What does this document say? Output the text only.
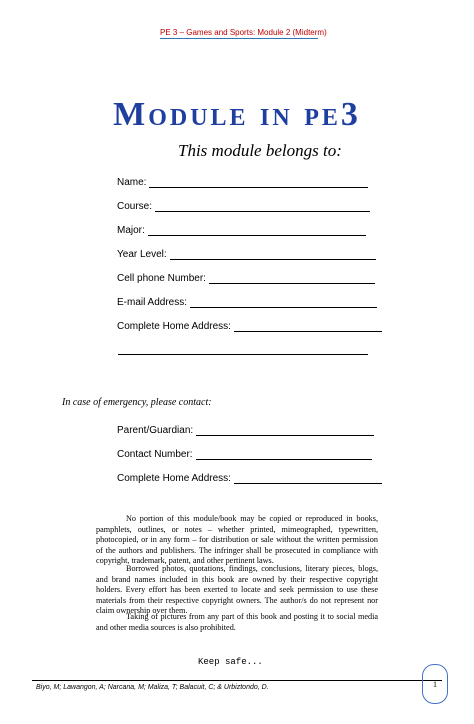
PE 3 – Games and Sports: Module 2 (Midterm)
Module in pe3
This module belongs to:
Name:
Course:
Major:
Year Level:
Cell phone Number:
E-mail Address:
Complete Home Address:
In case of emergency, please contact:
Parent/Guardian:
Contact Number:
Complete Home Address:

No portion of this module/book may be copied or reproduced in books, pamphlets, outlines, or notes – whether printed, mimeographed, typewritten, photocopied, or in any form – for distribution or sale without the written permission of the authors and publishers. The infringer shall be prosecuted in compliance with copyright, trademark, patent, and other pertinent laws.

Borrowed photos, quotations, findings, conclusions, literary pieces, blogs, and brand names included in this book are owned by their respective copyright holders. Every effort has been exerted to locate and seek permission to use these materials from their respective copyright owners. The author/s do not represent nor claim ownership over them.

Taking of pictures from any part of this book and posting it to social media and other media sources is also prohibited.

Keep safe...
Biyo, M; Lawangon, A; Narcana, M; Maliza, T; Balacuit, C; & Urbiztondo, D.	1
